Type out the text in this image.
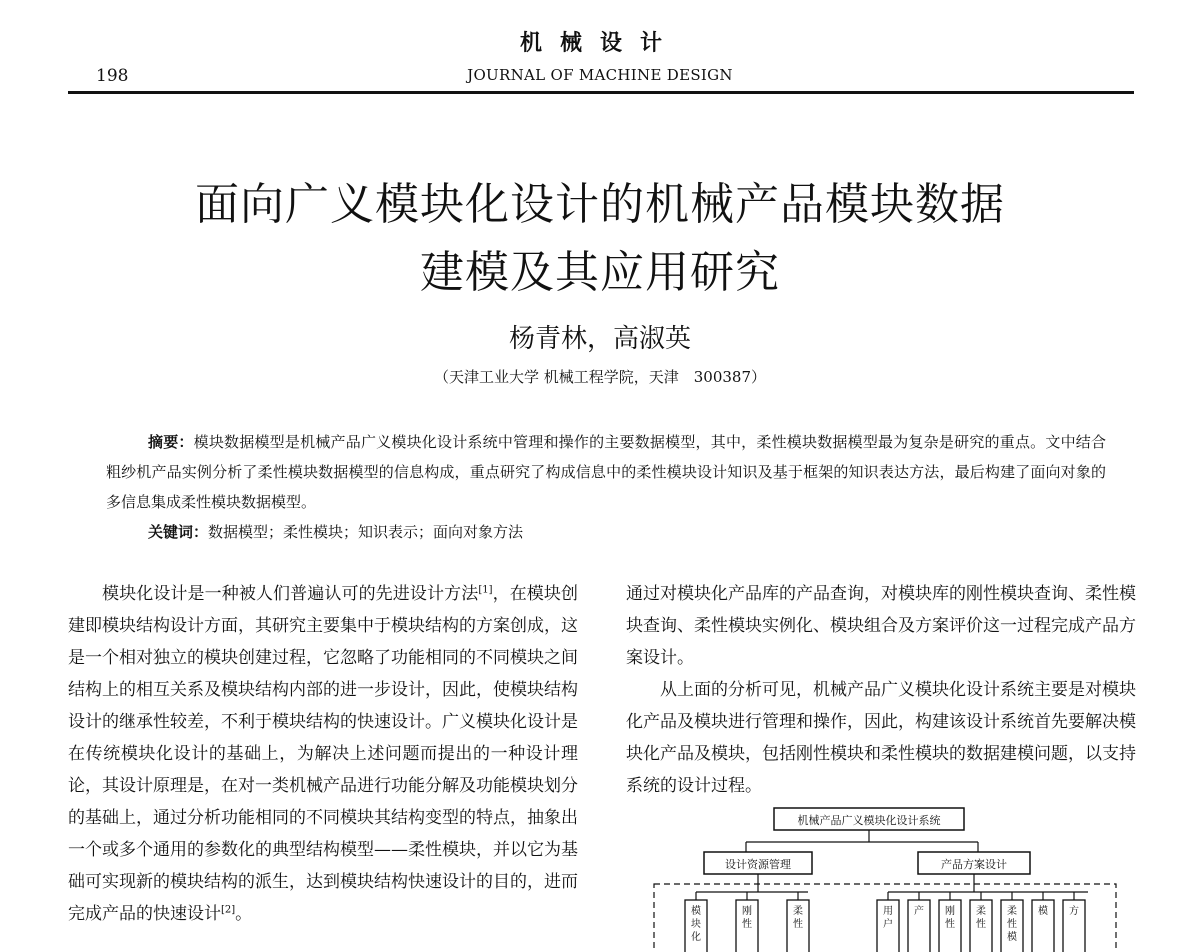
机械设计
198	JOURNAL OF MACHINE DESIGN
面向广义模块化设计的机械产品模块数据
建模及其应用研究
杨青林，高淑英
（天津工业大学 机械工程学院，天津　300387）
摘要：模块数据模型是机械产品广义模块化设计系统中管理和操作的主要数据模型，其中，柔性模块数据模型最为复杂是研究的重点。文中结合粗纱机产品实例分析了柔性模块数据模型的信息构成，重点研究了构成信息中的柔性模块设计知识及基于框架的知识表达方法，最后构建了面向对象的多信息集成柔性模块数据模型。
关键词：数据模型；柔性模块；知识表示；面向对象方法

模块化设计是一种被人们普遍认可的先进设计方法[1]，在模块创建即模块结构设计方面，其研究主要集中于模块结构的方案创成，这是一个相对独立的模块创建过程，它忽略了功能相同的不同模块之间结构上的相互关系及模块结构内部的进一步设计，因此，使模块结构设计的继承性较差，不利于模块结构的快速设计。广义模块化设计是在传统模块化设计的基础上，为解决上述问题而提出的一种设计理论，其设计原理是，在对一类机械产品进行功能分解及功能模块划分的基础上，通过分析功能相同的不同模块其结构变型的特点，抽象出一个或多个通用的参数化的典型结构模型——柔性模块，并以它为基础可实现新的模块结构的派生，达到模块结构快速设计的目的，进而完成产品的快速设计[2]。

通过对模块化产品库的产品查询，对模块库的刚性模块查询、柔性模块查询、柔性模块实例化、模块组合及方案评价这一过程完成产品方案设计。

从上面的分析可见，机械产品广义模块化设计系统主要是对模块化产品及模块进行管理和操作，因此，构建该设计系统首先要解决模块化产品及模块，包括刚性模块和柔性模块的数据建模问题，以支持系统的设计过程。

机械产品广义模块化设计系统
设计资源管理	产品方案设计
模块化
刚性
柔性
用户
产 刚性
柔性
柔性模
模 方
